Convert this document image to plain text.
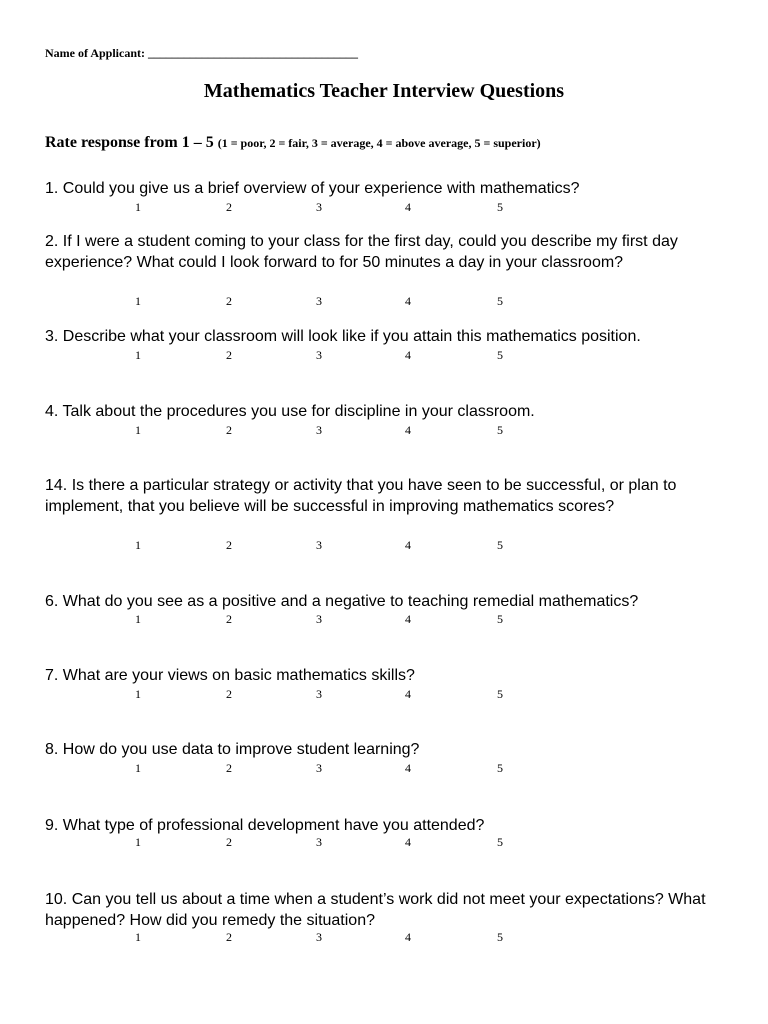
Name of Applicant: ___________________________________
Mathematics Teacher Interview Questions
Rate response from 1 – 5 (1 = poor, 2 = fair, 3 = average, 4 = above average, 5 = superior)
1. Could you give us a brief overview of your experience with mathematics?
1	2	3	4	5
2. If I were a student coming to your class for the first day, could you describe my first day experience? What could I look forward to for 50 minutes a day in your classroom?
1	2	3	4	5
3. Describe what your classroom will look like if you attain this mathematics position.
1	2	3	4	5
4. Talk about the procedures you use for discipline in your classroom.
1	2	3	4	5
14. Is there a particular strategy or activity that you have seen to be successful, or plan to implement, that you believe will be successful in improving mathematics scores?
1	2	3	4	5
6. What do you see as a positive and a negative to teaching remedial mathematics?
1	2	3	4	5
7. What are your views on basic mathematics skills?
1	2	3	4	5
8. How do you use data to improve student learning?
1	2	3	4	5
9. What type of professional development have you attended?
1	2	3	4	5
10. Can you tell us about a time when a student’s work did not meet your expectations? What happened? How did you remedy the situation?
1	2	3	4	5
